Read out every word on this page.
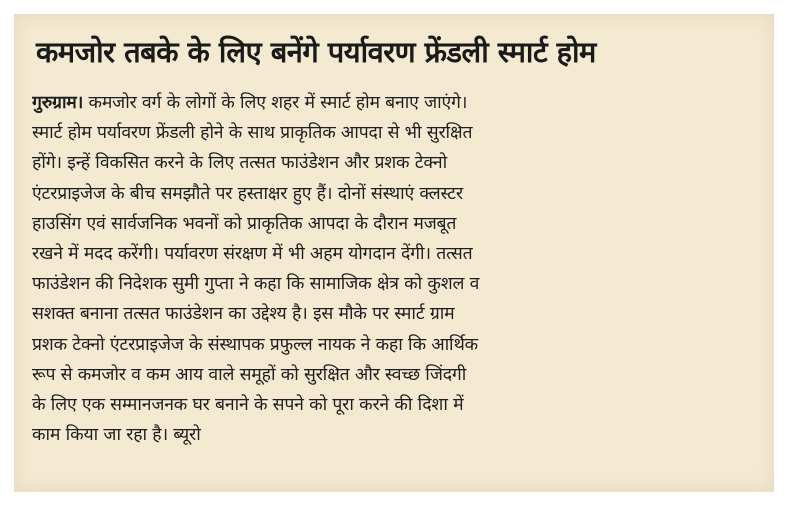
कमजोर तबके के लिए बनेंगे पर्यावरण फ्रेंडली स्मार्ट होम
गुरुग्राम। कमजोर वर्ग के लोगों के लिए शहर में स्मार्ट होम बनाए जाएंगे।
स्मार्ट होम पर्यावरण फ्रेंडली होने के साथ प्राकृतिक आपदा से भी सुरक्षित
होंगे। इन्हें विकसित करने के लिए तत्सत फाउंडेशन और प्रशक टेक्नो
एंटरप्राइजेज के बीच समझौते पर हस्ताक्षर हुए हैं। दोनों संस्थाएं क्लस्टर
हाउसिंग एवं सार्वजनिक भवनों को प्राकृतिक आपदा के दौरान मजबूत
रखने में मदद करेंगी। पर्यावरण संरक्षण में भी अहम योगदान देंगी। तत्सत
फाउंडेशन की निदेशक सुमी गुप्ता ने कहा कि सामाजिक क्षेत्र को कुशल व
सशक्त बनाना तत्सत फाउंडेशन का उद्देश्य है। इस मौके पर स्मार्ट ग्राम
प्रशक टेक्नो एंटरप्राइजेज के संस्थापक प्रफुल्ल नायक ने कहा कि आर्थिक
रूप से कमजोर व कम आय वाले समूहों को सुरक्षित और स्वच्छ जिंदगी
के लिए एक सम्मानजनक घर बनाने के सपने को पूरा करने की दिशा में
काम किया जा रहा है। ब्यूरो
